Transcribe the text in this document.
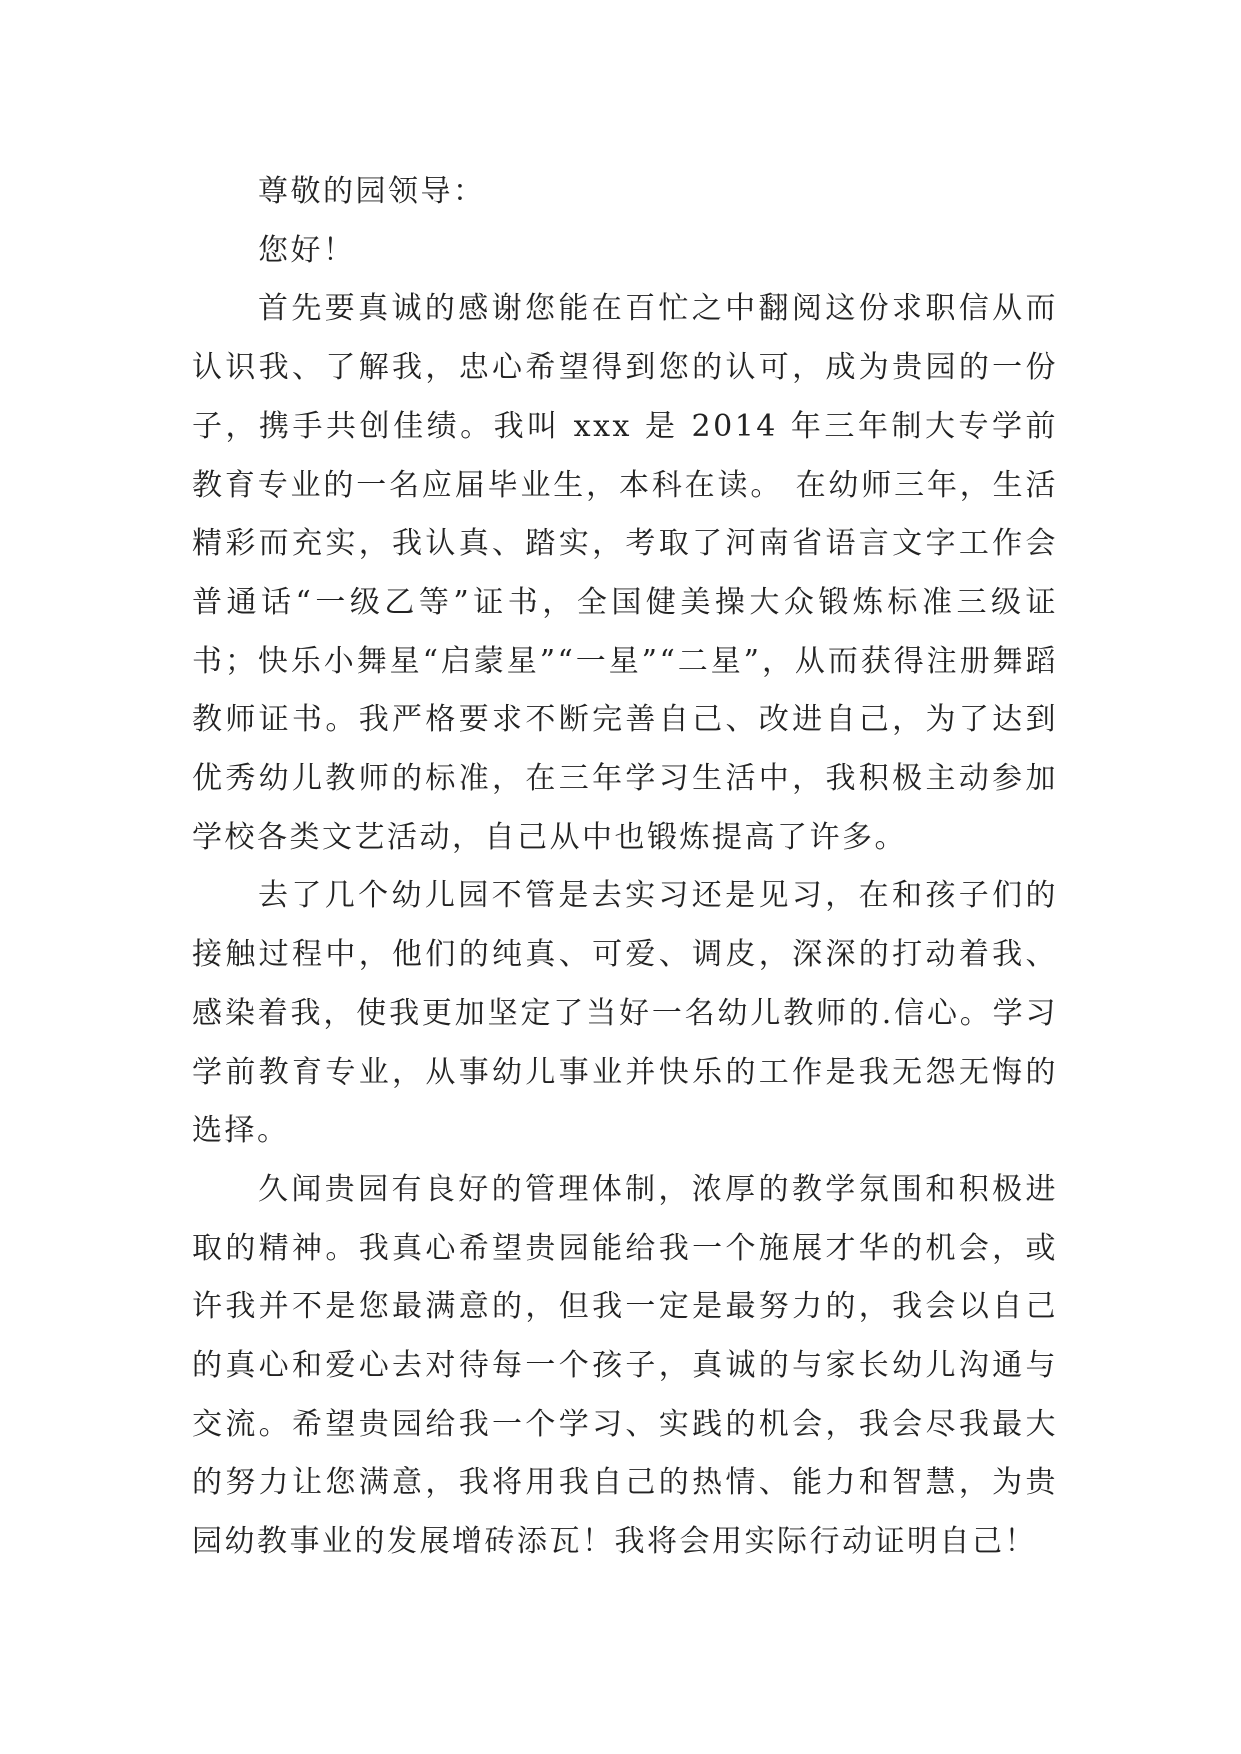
尊敬的园领导：

您好！

首先要真诚的感谢您能在百忙之中翻阅这份求职信从而认识我、了解我，忠心希望得到您的认可，成为贵园的一份子，携手共创佳绩。我叫 xxx 是 2014 年三年制大专学前教育专业的一名应届毕业生，本科在读。 在幼师三年，生活精彩而充实，我认真、踏实，考取了河南省语言文字工作会普通话“一级乙等”证书，全国健美操大众锻炼标准三级证书；快乐小舞星“启蒙星”“一星”“二星”，从而获得注册舞蹈教师证书。我严格要求不断完善自己、改进自己，为了达到优秀幼儿教师的标准，在三年学习生活中，我积极主动参加学校各类文艺活动，自己从中也锻炼提高了许多。

去了几个幼儿园不管是去实习还是见习，在和孩子们的接触过程中，他们的纯真、可爱、调皮，深深的打动着我、感染着我，使我更加坚定了当好一名幼儿教师的.信心。学习学前教育专业，从事幼儿事业并快乐的工作是我无怨无悔的选择。

久闻贵园有良好的管理体制，浓厚的教学氛围和积极进取的精神。我真心希望贵园能给我一个施展才华的机会，或许我并不是您最满意的，但我一定是最努力的，我会以自己的真心和爱心去对待每一个孩子，真诚的与家长幼儿沟通与交流。希望贵园给我一个学习、实践的机会，我会尽我最大的努力让您满意，我将用我自己的热情、能力和智慧，为贵园幼教事业的发展增砖添瓦！我将会用实际行动证明自己！
